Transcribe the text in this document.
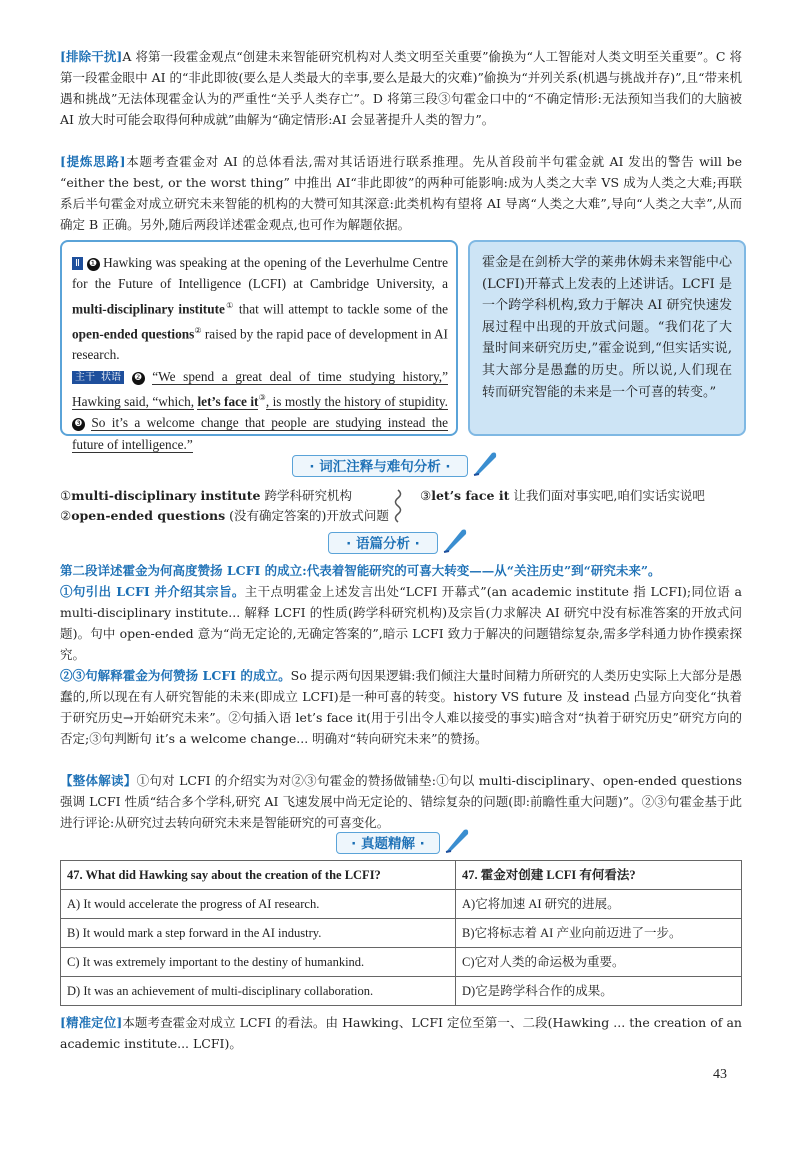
[排除干扰]A 将第一段霍金观点“创建未来智能研究机构对人类文明至关重要”偷换为“人工智能对人类文明至关重要”。C 将第一段霍金眼中 AI 的“非此即彼(要么是人类最大的幸事,要么是最大的灾难)”偷换为“并列关系(机遇与挑战并存)”,且“带来机遇和挑战”无法体现霍金认为的严重性“关乎人类存亡”。D 将第三段③句霍金口中的“不确定情形:无法预知当我们的大脑被 AI 放大时可能会取得何种成就”曲解为“确定情形:AI 会显著提升人类的智力”。

[提炼思路]本题考查霍金对 AI 的总体看法,需对其话语进行联系推理。先从首段前半句霍金就 AI 发出的警告 will be “either the best, or the worst thing” 中推出 AI“非此即彼”的两种可能影响:成为人类之大幸 VS 成为人类之大难;再联系后半句霍金对成立研究未来智能的机构的大赞可知其深意:此类机构有望将 AI 导离“人类之大难”,导向“人类之大幸”,从而确定 B 正确。另外,随后两段详述霍金观点,也可作为解题依据。

Ⅱ ❶ Hawking was speaking at the opening of the Leverhulme Centre for the Future of Intelligence (LCFI) at Cambridge University, a multi-disciplinary institute① that will attempt to tackle some of the open-ended questions② raised by the rapid pace of development in AI research.
主干 状语 ❷ “We spend a great deal of time studying history,” Hawking said, “which, let’s face it③, is mostly the history of stupidity. ❸ So it’s a welcome change that people are studying instead the future of intelligence.”
霍金是在剑桥大学的莱弗休姆未来智能中心(LCFI)开幕式上发表的上述讲话。LCFI 是一个跨学科机构,致力于解决 AI 研究快速发展过程中出现的开放式问题。“我们花了大量时间来研究历史,”霍金说到,“但实话实说,其大部分是愚蠢的历史。所以说,人们现在转而研究智能的未来是一个可喜的转变。”
· 词汇注释与难句分析 ·
①multi-disciplinary institute 跨学科研究机构
②open-ended questions (没有确定答案的)开放式问题
③let’s face it 让我们面对事实吧,咱们实话实说吧
· 语篇分析 ·

第二段详述霍金为何高度赞扬 LCFI 的成立:代表着智能研究的可喜大转变——从“关注历史”到“研究未来”。

①句引出 LCFI 并介绍其宗旨。主干点明霍金上述发言出处“LCFI 开幕式”(an academic institute 指 LCFI);同位语 a multi-disciplinary institute... 解释 LCFI 的性质(跨学科研究机构)及宗旨(力求解决 AI 研究中没有标准答案的开放式问题)。句中 open-ended 意为“尚无定论的,无确定答案的”,暗示 LCFI 致力于解决的问题错综复杂,需多学科通力协作摸索探究。

②③句解释霍金为何赞扬 LCFI 的成立。So 提示两句因果逻辑:我们倾注大量时间精力所研究的人类历史实际上大部分是愚蠢的,所以现在有人研究智能的未来(即成立 LCFI)是一种可喜的转变。history VS future 及 instead 凸显方向变化“执着于研究历史→开始研究未来”。②句插入语 let’s face it(用于引出令人难以接受的事实)暗含对“执着于研究历史”研究方向的否定;③句判断句 it’s a welcome change... 明确对“转向研究未来”的赞扬。

【整体解读】①句对 LCFI 的介绍实为对②③句霍金的赞扬做铺垫:①句以 multi-disciplinary、open-ended questions 强调 LCFI 性质“结合多个学科,研究 AI 飞速发展中尚无定论的、错综复杂的问题(即:前瞻性重大问题)”。②③句霍金基于此进行评论:从研究过去转向研究未来是智能研究的可喜变化。

· 真题精解 ·
47. What did Hawking say about the creation of the LCFI?	47. 霍金对创建 LCFI 有何看法?
A) It would accelerate the progress of AI research.	A)它将加速 AI 研究的进展。
B) It would mark a step forward in the AI industry.	B)它将标志着 AI 产业向前迈进了一步。
C) It was extremely important to the destiny of humankind.	C)它对人类的命运极为重要。
D) It was an achievement of multi-disciplinary collaboration.	D)它是跨学科合作的成果。

[精准定位]本题考查霍金对成立 LCFI 的看法。由 Hawking、LCFI 定位至第一、二段(Hawking ... the creation of an academic institute... LCFI)。

43
